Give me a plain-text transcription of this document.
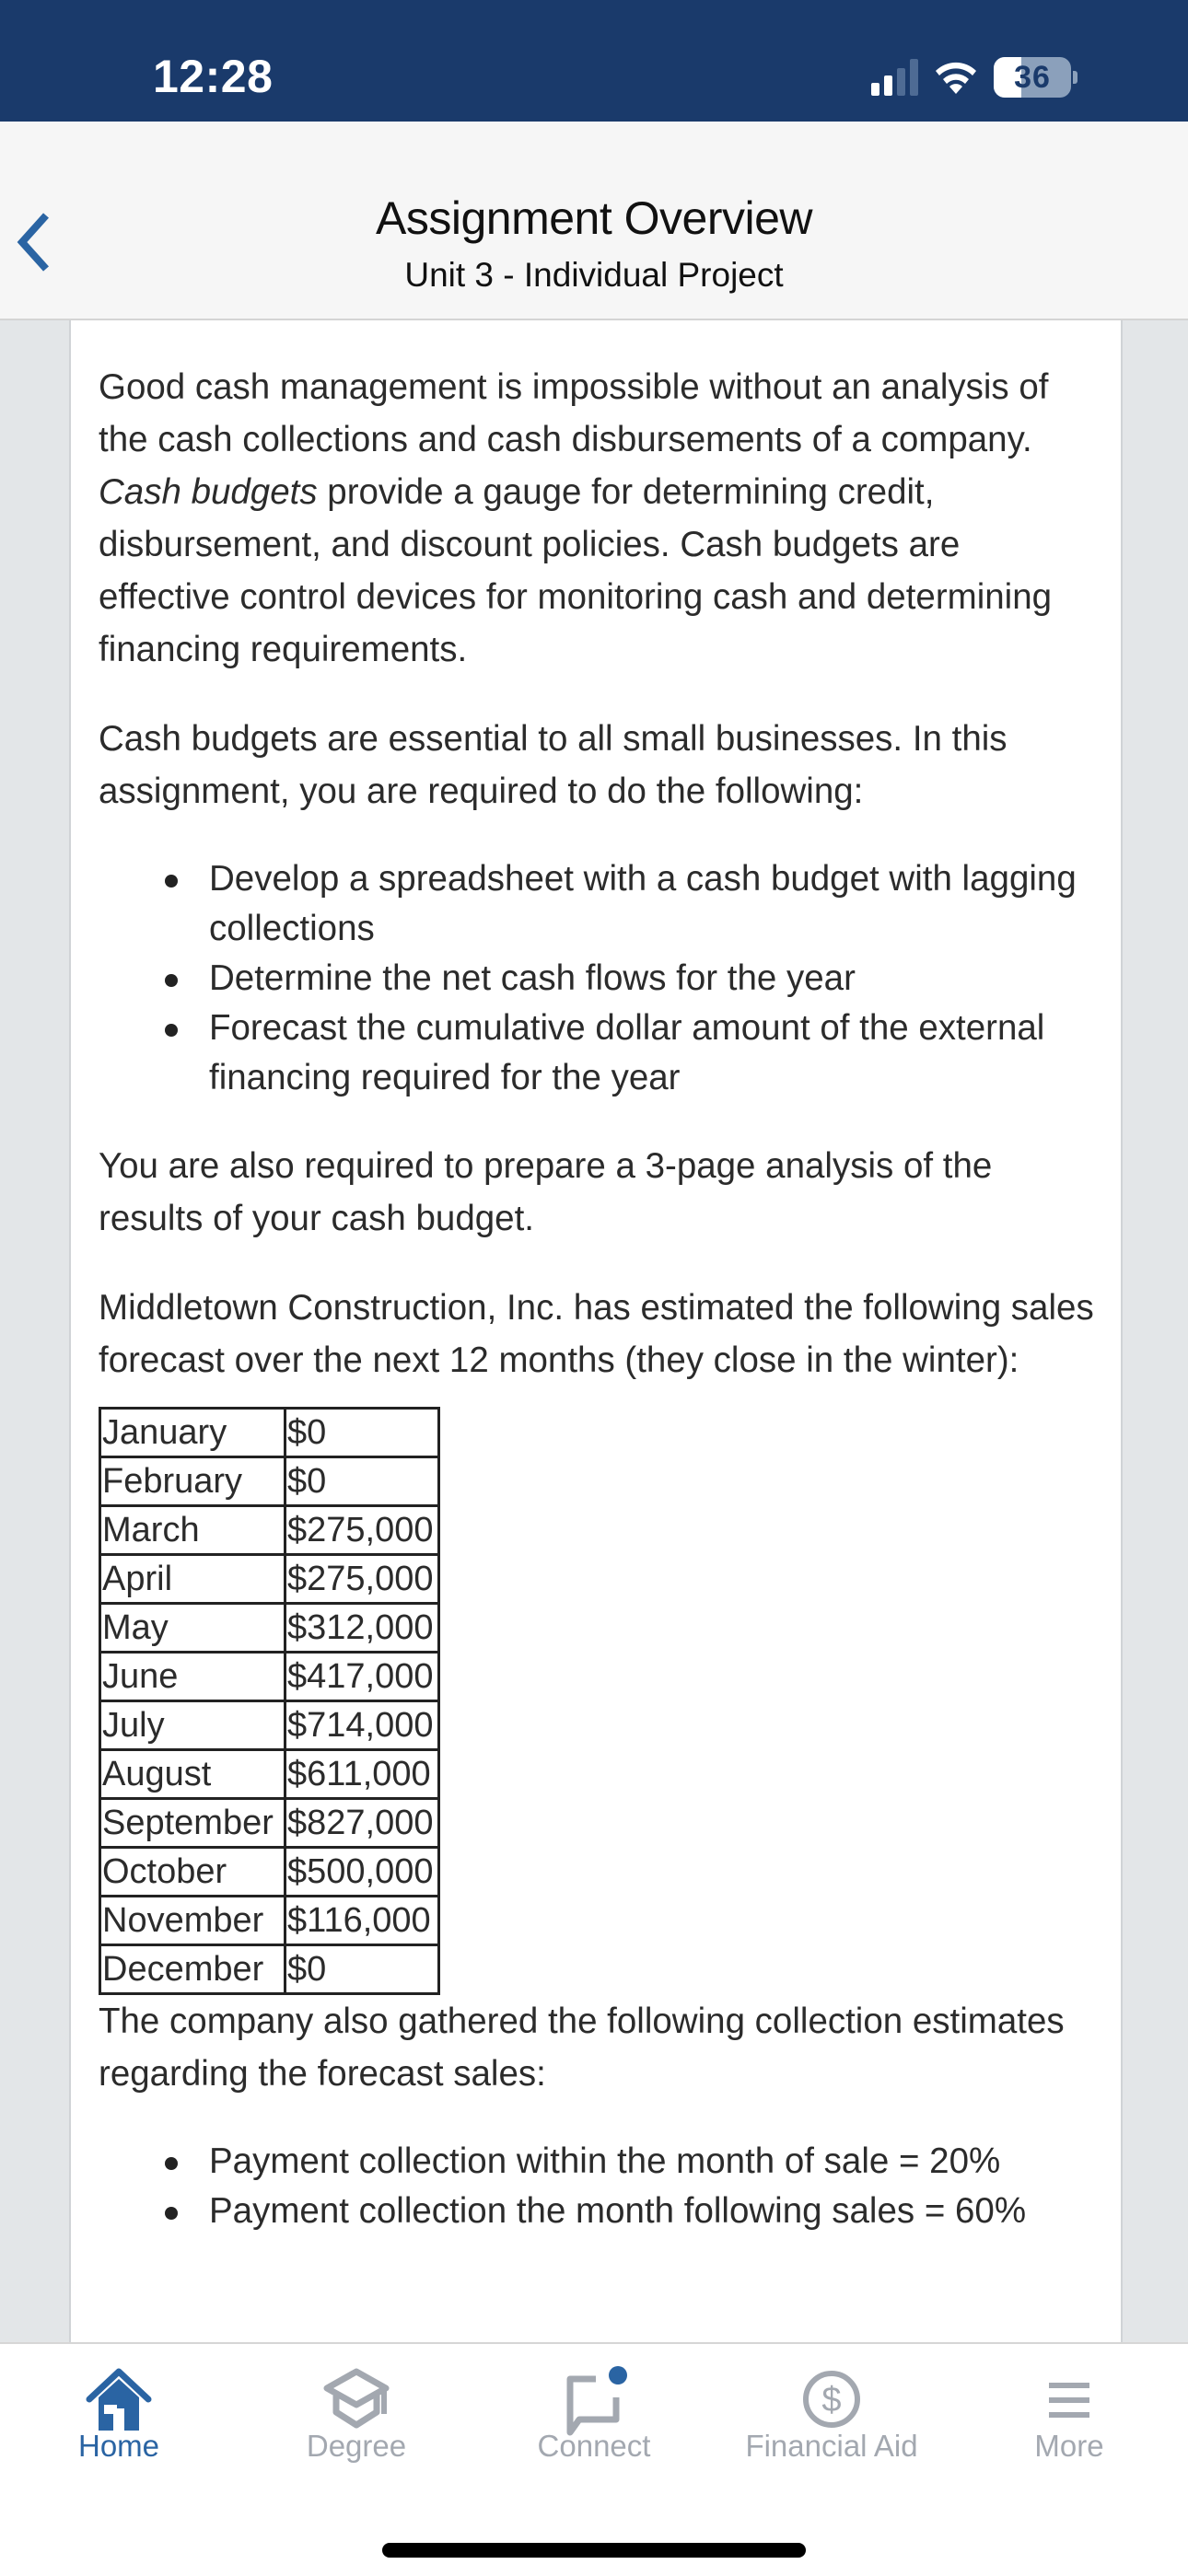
12:28	36
Assignment Overview
Unit 3 - Individual Project

Good cash management is impossible without an analysis of the cash collections and cash disbursements of a company. Cash budgets provide a gauge for determining credit, disbursement, and discount policies. Cash budgets are effective control devices for monitoring cash and determining financing requirements.

Cash budgets are essential to all small businesses. In this assignment, you are required to do the following:

Develop a spreadsheet with a cash budget with lagging collections
Determine the net cash flows for the year
Forecast the cumulative dollar amount of the external financing required for the year

You are also required to prepare a 3-page analysis of the results of your cash budget.

Middletown Construction, Inc. has estimated the following sales forecast over the next 12 months (they close in the winter):

January	$0
February	$0
March	$275,000
April	$275,000
May	$312,000
June	$417,000
July	$714,000
August	$611,000
September	$827,000
October	$500,000
November	$116,000
December	$0

The company also gathered the following collection estimates regarding the forecast sales:

Payment collection within the month of sale = 20%
Payment collection the month following sales = 60%
Home	Degree	Connect
$
Financial Aid	More
